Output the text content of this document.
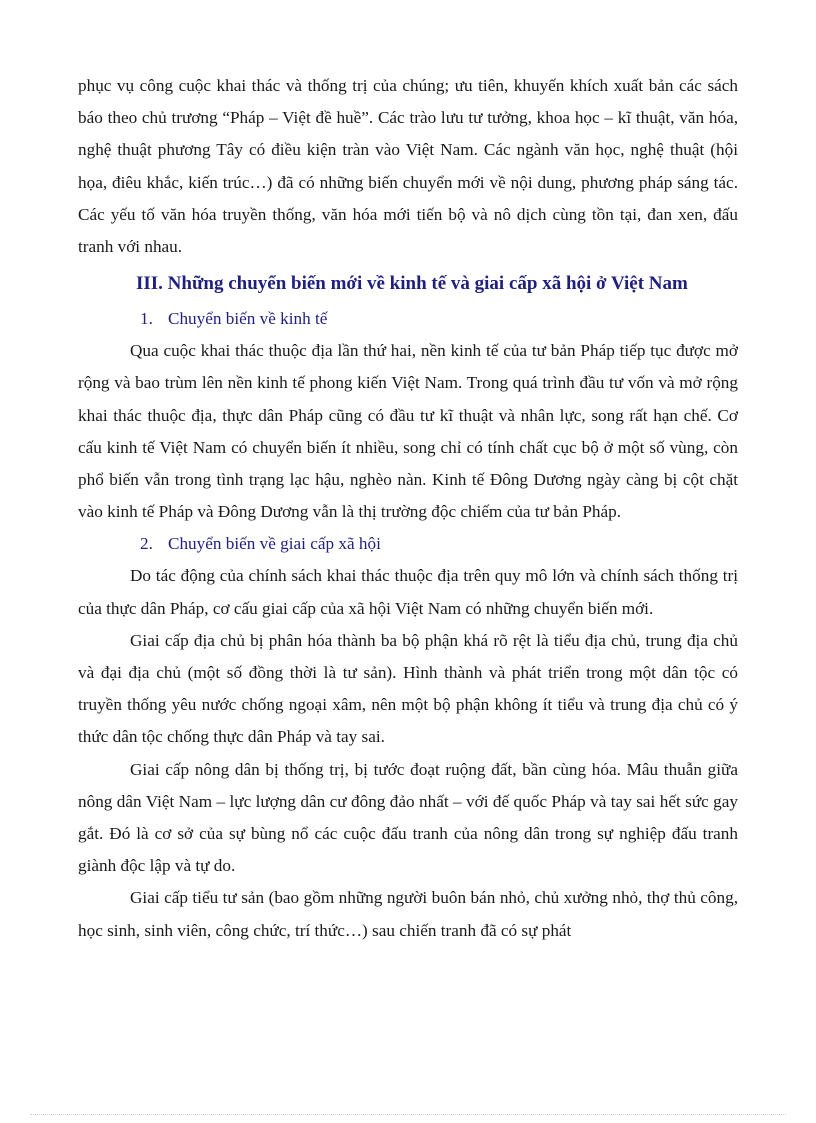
phục vụ công cuộc khai thác và thống trị của chúng; ưu tiên, khuyến khích xuất bản các sách báo theo chủ trương “Pháp – Việt đề huề”. Các trào lưu tư tưởng, khoa học – kĩ thuật, văn hóa, nghệ thuật phương Tây có điều kiện tràn vào Việt Nam. Các ngành văn học, nghệ thuật (hội họa, điêu khắc, kiến trúc…) đã có những biến chuyển mới về nội dung, phương pháp sáng tác. Các yếu tố văn hóa truyền thống, văn hóa mới tiến bộ và nô dịch cùng tồn tại, đan xen, đấu tranh với nhau.

III. Những chuyển biến mới về kinh tế và giai cấp xã hội ở Việt Nam
1. Chuyển biến về kinh tế

Qua cuộc khai thác thuộc địa lần thứ hai, nền kinh tế của tư bản Pháp tiếp tục được mở rộng và bao trùm lên nền kinh tế phong kiến Việt Nam. Trong quá trình đầu tư vốn và mở rộng khai thác thuộc địa, thực dân Pháp cũng có đầu tư kĩ thuật và nhân lực, song rất hạn chế. Cơ cấu kinh tế Việt Nam có chuyển biến ít nhiều, song chỉ có tính chất cục bộ ở một số vùng, còn phổ biến vẫn trong tình trạng lạc hậu, nghèo nàn. Kinh tế Đông Dương ngày càng bị cột chặt vào kinh tế Pháp và Đông Dương vẫn là thị trường độc chiếm của tư bản Pháp.

2. Chuyển biến về giai cấp xã hội

Do tác động của chính sách khai thác thuộc địa trên quy mô lớn và chính sách thống trị của thực dân Pháp, cơ cấu giai cấp của xã hội Việt Nam có những chuyển biến mới.

Giai cấp địa chủ bị phân hóa thành ba bộ phận khá rõ rệt là tiểu địa chủ, trung địa chủ và đại địa chủ (một số đồng thời là tư sản). Hình thành và phát triển trong một dân tộc có truyền thống yêu nước chống ngoại xâm, nên một bộ phận không ít tiểu và trung địa chủ có ý thức dân tộc chống thực dân Pháp và tay sai.

Giai cấp nông dân bị thống trị, bị tước đoạt ruộng đất, bần cùng hóa. Mâu thuẫn giữa nông dân Việt Nam – lực lượng dân cư đông đảo nhất – với đế quốc Pháp và tay sai hết sức gay gắt. Đó là cơ sở của sự bùng nổ các cuộc đấu tranh của nông dân trong sự nghiệp đấu tranh giành độc lập và tự do.

Giai cấp tiểu tư sản (bao gồm những người buôn bán nhỏ, chủ xưởng nhỏ, thợ thủ công, học sinh, sinh viên, công chức, trí thức…) sau chiến tranh đã có sự phát
